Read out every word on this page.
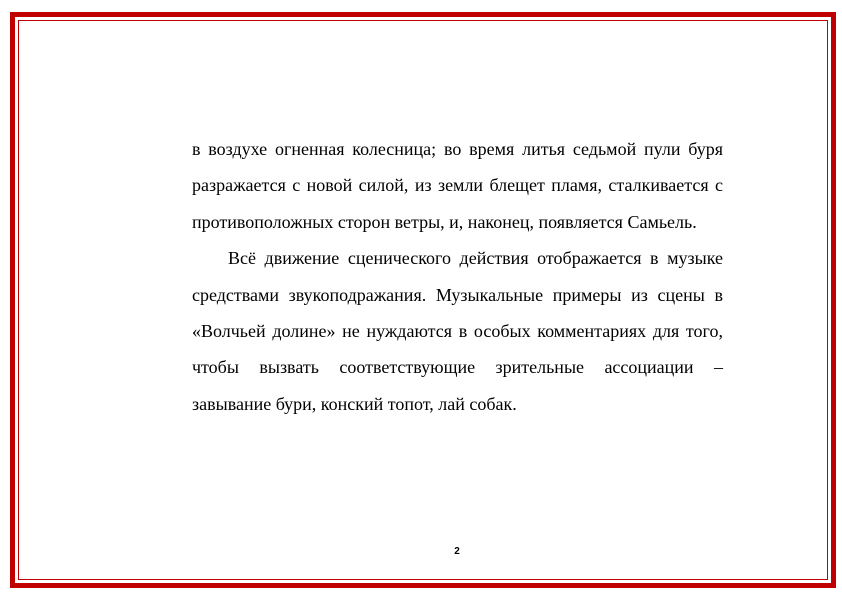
в воздухе огненная колесница; во время литья седьмой пули буря разражается с новой силой, из земли блещет пламя, сталкивается с противоположных сторон ветры, и, наконец, появляется Самьель.

Всё движение сценического действия отображается в музыке средствами звукоподражания. Музыкальные примеры из сцены в «Волчьей долине» не нуждаются в особых комментариях для того, чтобы вызвать соответствующие зрительные ассоциации – завывание бури, конский топот, лай собак.

2
